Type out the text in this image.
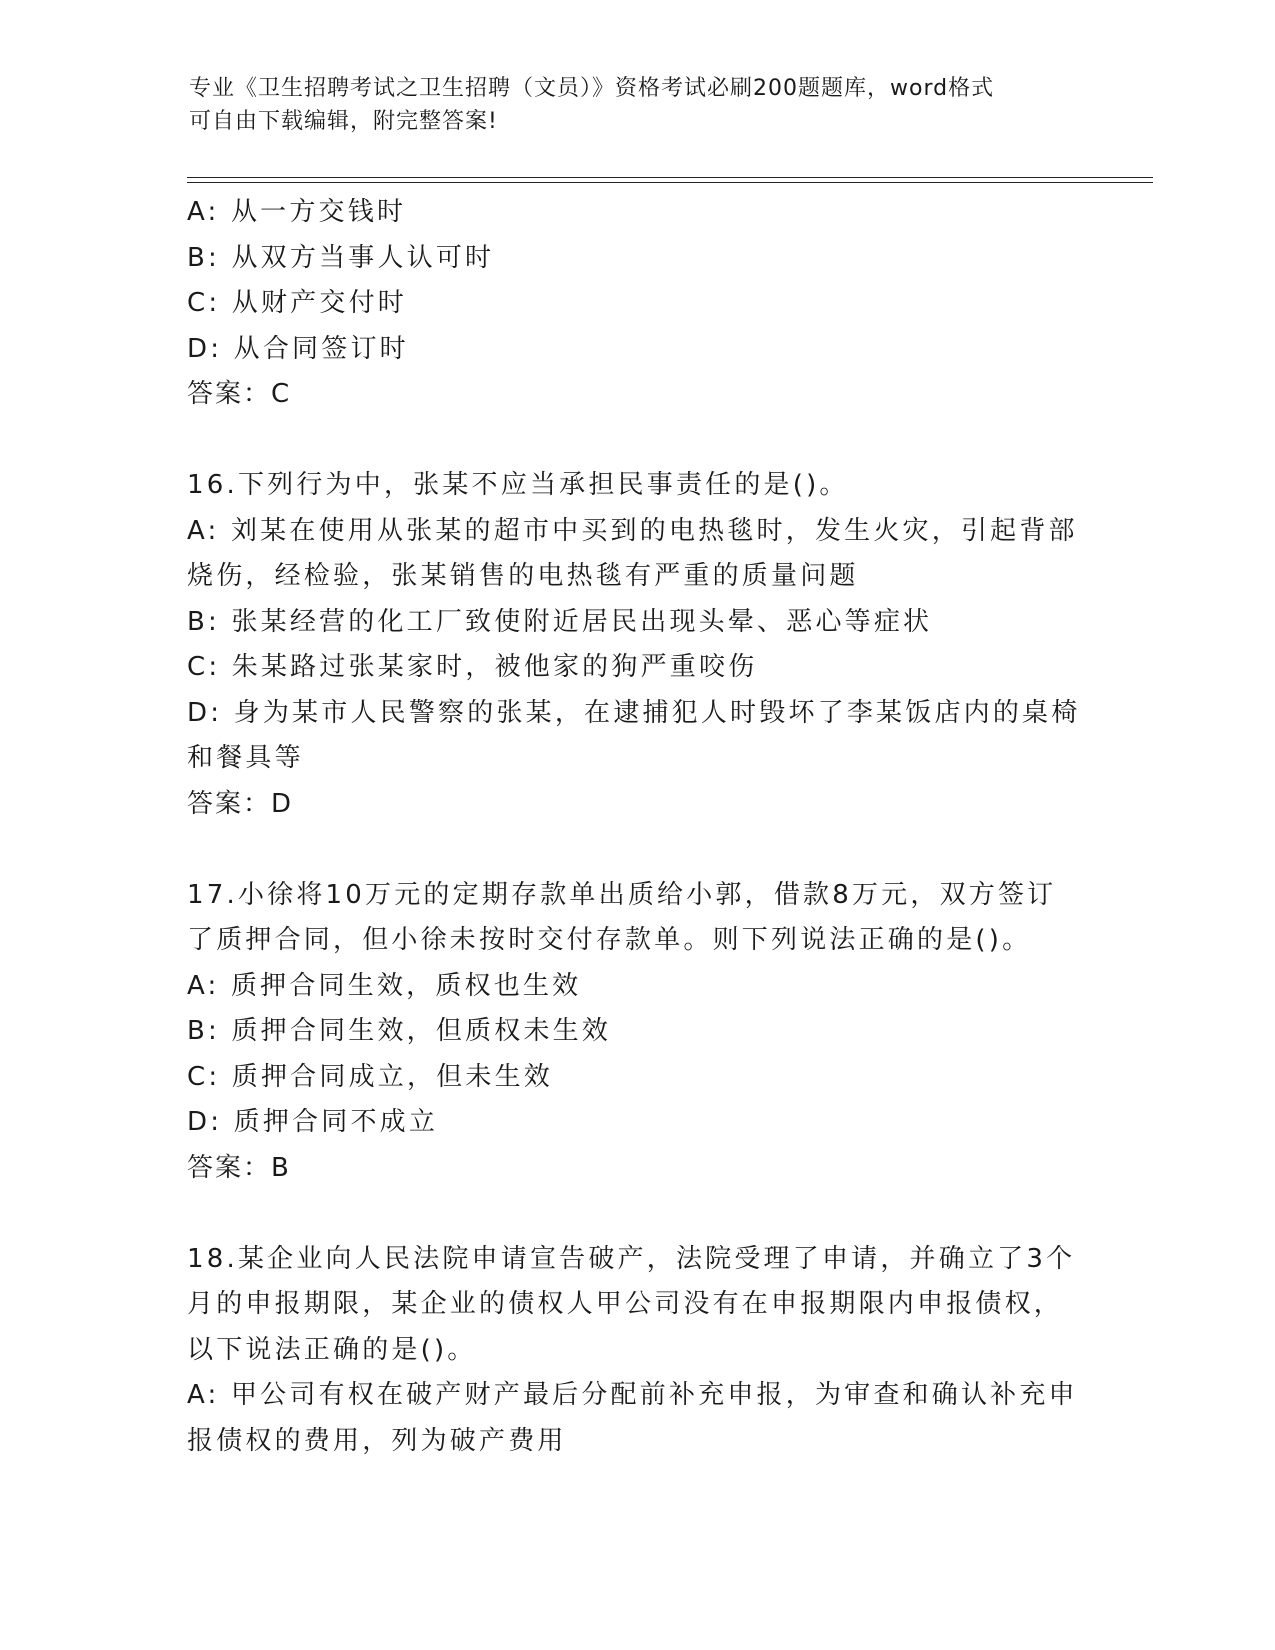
专业《卫生招聘考试之卫生招聘（文员）》资格考试必刷200题题库，word格式
可自由下载编辑，附完整答案!
A: 从一方交钱时
B: 从双方当事人认可时
C: 从财产交付时
D: 从合同签订时
答案：C
16.下列行为中，张某不应当承担民事责任的是()。
A: 刘某在使用从张某的超市中买到的电热毯时，发生火灾，引起背部
烧伤，经检验，张某销售的电热毯有严重的质量问题
B: 张某经营的化工厂致使附近居民出现头晕、恶心等症状
C: 朱某路过张某家时，被他家的狗严重咬伤
D: 身为某市人民警察的张某，在逮捕犯人时毁坏了李某饭店内的桌椅
和餐具等
答案：D
17.小徐将10万元的定期存款单出质给小郭，借款8万元，双方签订
了质押合同，但小徐未按时交付存款单。则下列说法正确的是()。
A: 质押合同生效，质权也生效
B: 质押合同生效，但质权未生效
C: 质押合同成立，但未生效
D: 质押合同不成立
答案：B
18.某企业向人民法院申请宣告破产，法院受理了申请，并确立了3个
月的申报期限，某企业的债权人甲公司没有在申报期限内申报债权，
以下说法正确的是()。
A: 甲公司有权在破产财产最后分配前补充申报，为审查和确认补充申
报债权的费用，列为破产费用
